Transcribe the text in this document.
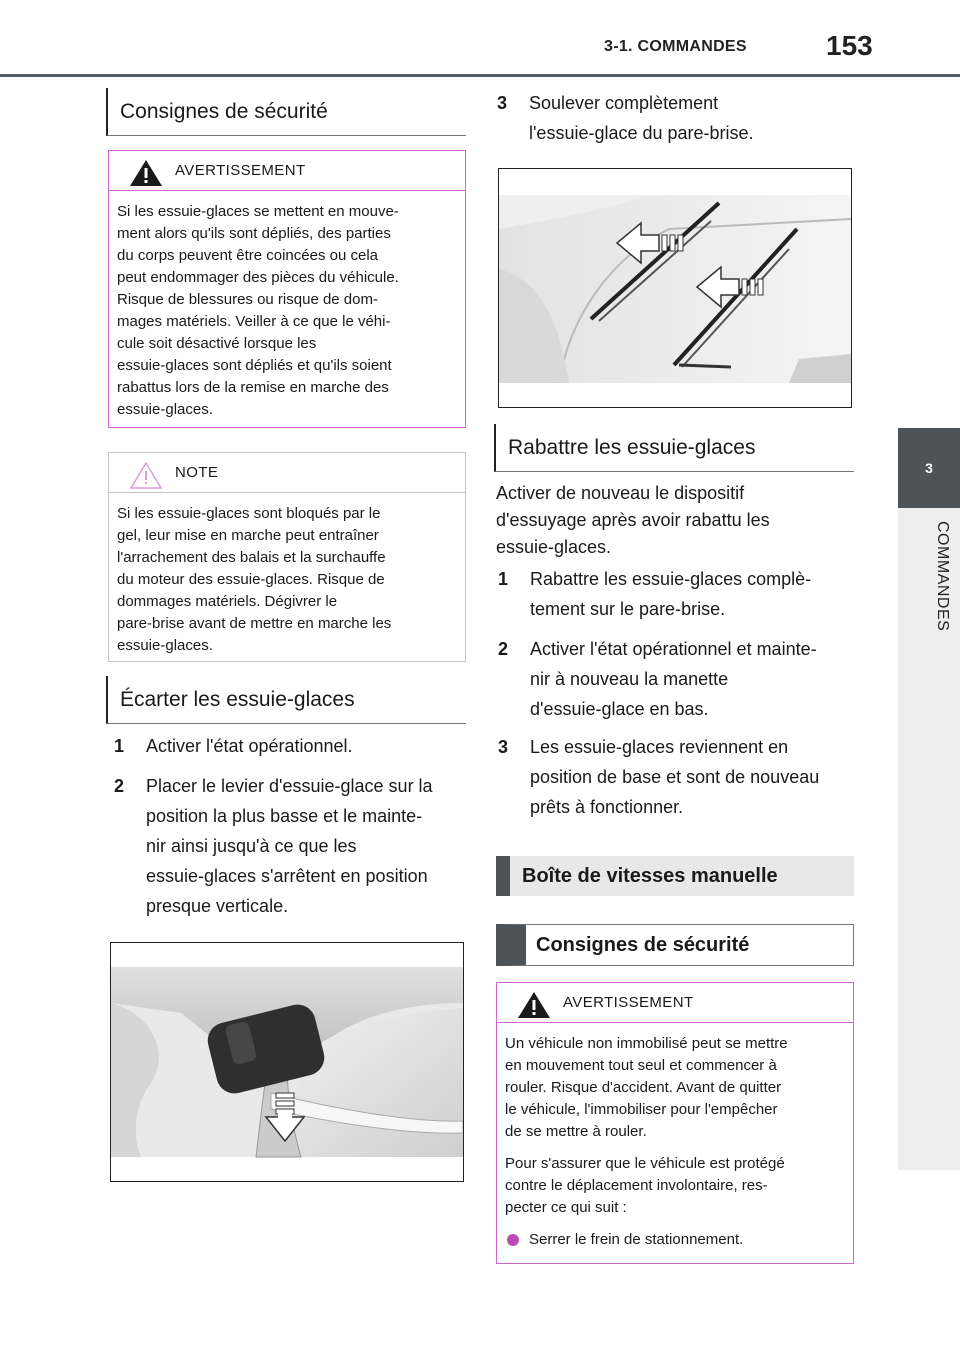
3-1. COMMANDES	153
3
COMMANDES
Consignes de sécurité
AVERTISSEMENT
Si les essuie-glaces se mettent en mouve-
ment alors qu'ils sont dépliés, des parties
du corps peuvent être coincées ou cela
peut endommager des pièces du véhicule.
Risque de blessures ou risque de dom-
mages matériels. Veiller à ce que le véhi-
cule soit désactivé lorsque les
essuie-glaces sont dépliés et qu'ils soient
rabattus lors de la remise en marche des
essuie-glaces.
NOTE
Si les essuie-glaces sont bloqués par le
gel, leur mise en marche peut entraîner
l'arrachement des balais et la surchauffe
du moteur des essuie-glaces. Risque de
dommages matériels. Dégivrer le
pare-brise avant de mettre en marche les
essuie-glaces.
Écarter les essuie-glaces
1 Activer l'état opérationnel.
2 Placer le levier d'essuie-glace sur la
position la plus basse et le mainte-
nir ainsi jusqu'à ce que les
essuie-glaces s'arrêtent en position
presque verticale.
3 Soulever complètement
l'essuie-glace du pare-brise.
Rabattre les essuie-glaces
Activer de nouveau le dispositif
d'essuyage après avoir rabattu les
essuie-glaces.
1 Rabattre les essuie-glaces complè-
tement sur le pare-brise.
2 Activer l'état opérationnel et mainte-
nir à nouveau la manette
d'essuie-glace en bas.
3 Les essuie-glaces reviennent en
position de base et sont de nouveau
prêts à fonctionner.
Boîte de vitesses manuelle
Consignes de sécurité
AVERTISSEMENT

Un véhicule non immobilisé peut se mettre
en mouvement tout seul et commencer à
rouler. Risque d'accident. Avant de quitter
le véhicule, l'immobiliser pour l'empêcher
de se mettre à rouler.

Pour s'assurer que le véhicule est protégé
contre le déplacement involontaire, res-
pecter ce qui suit :

Serrer le frein de stationnement.
